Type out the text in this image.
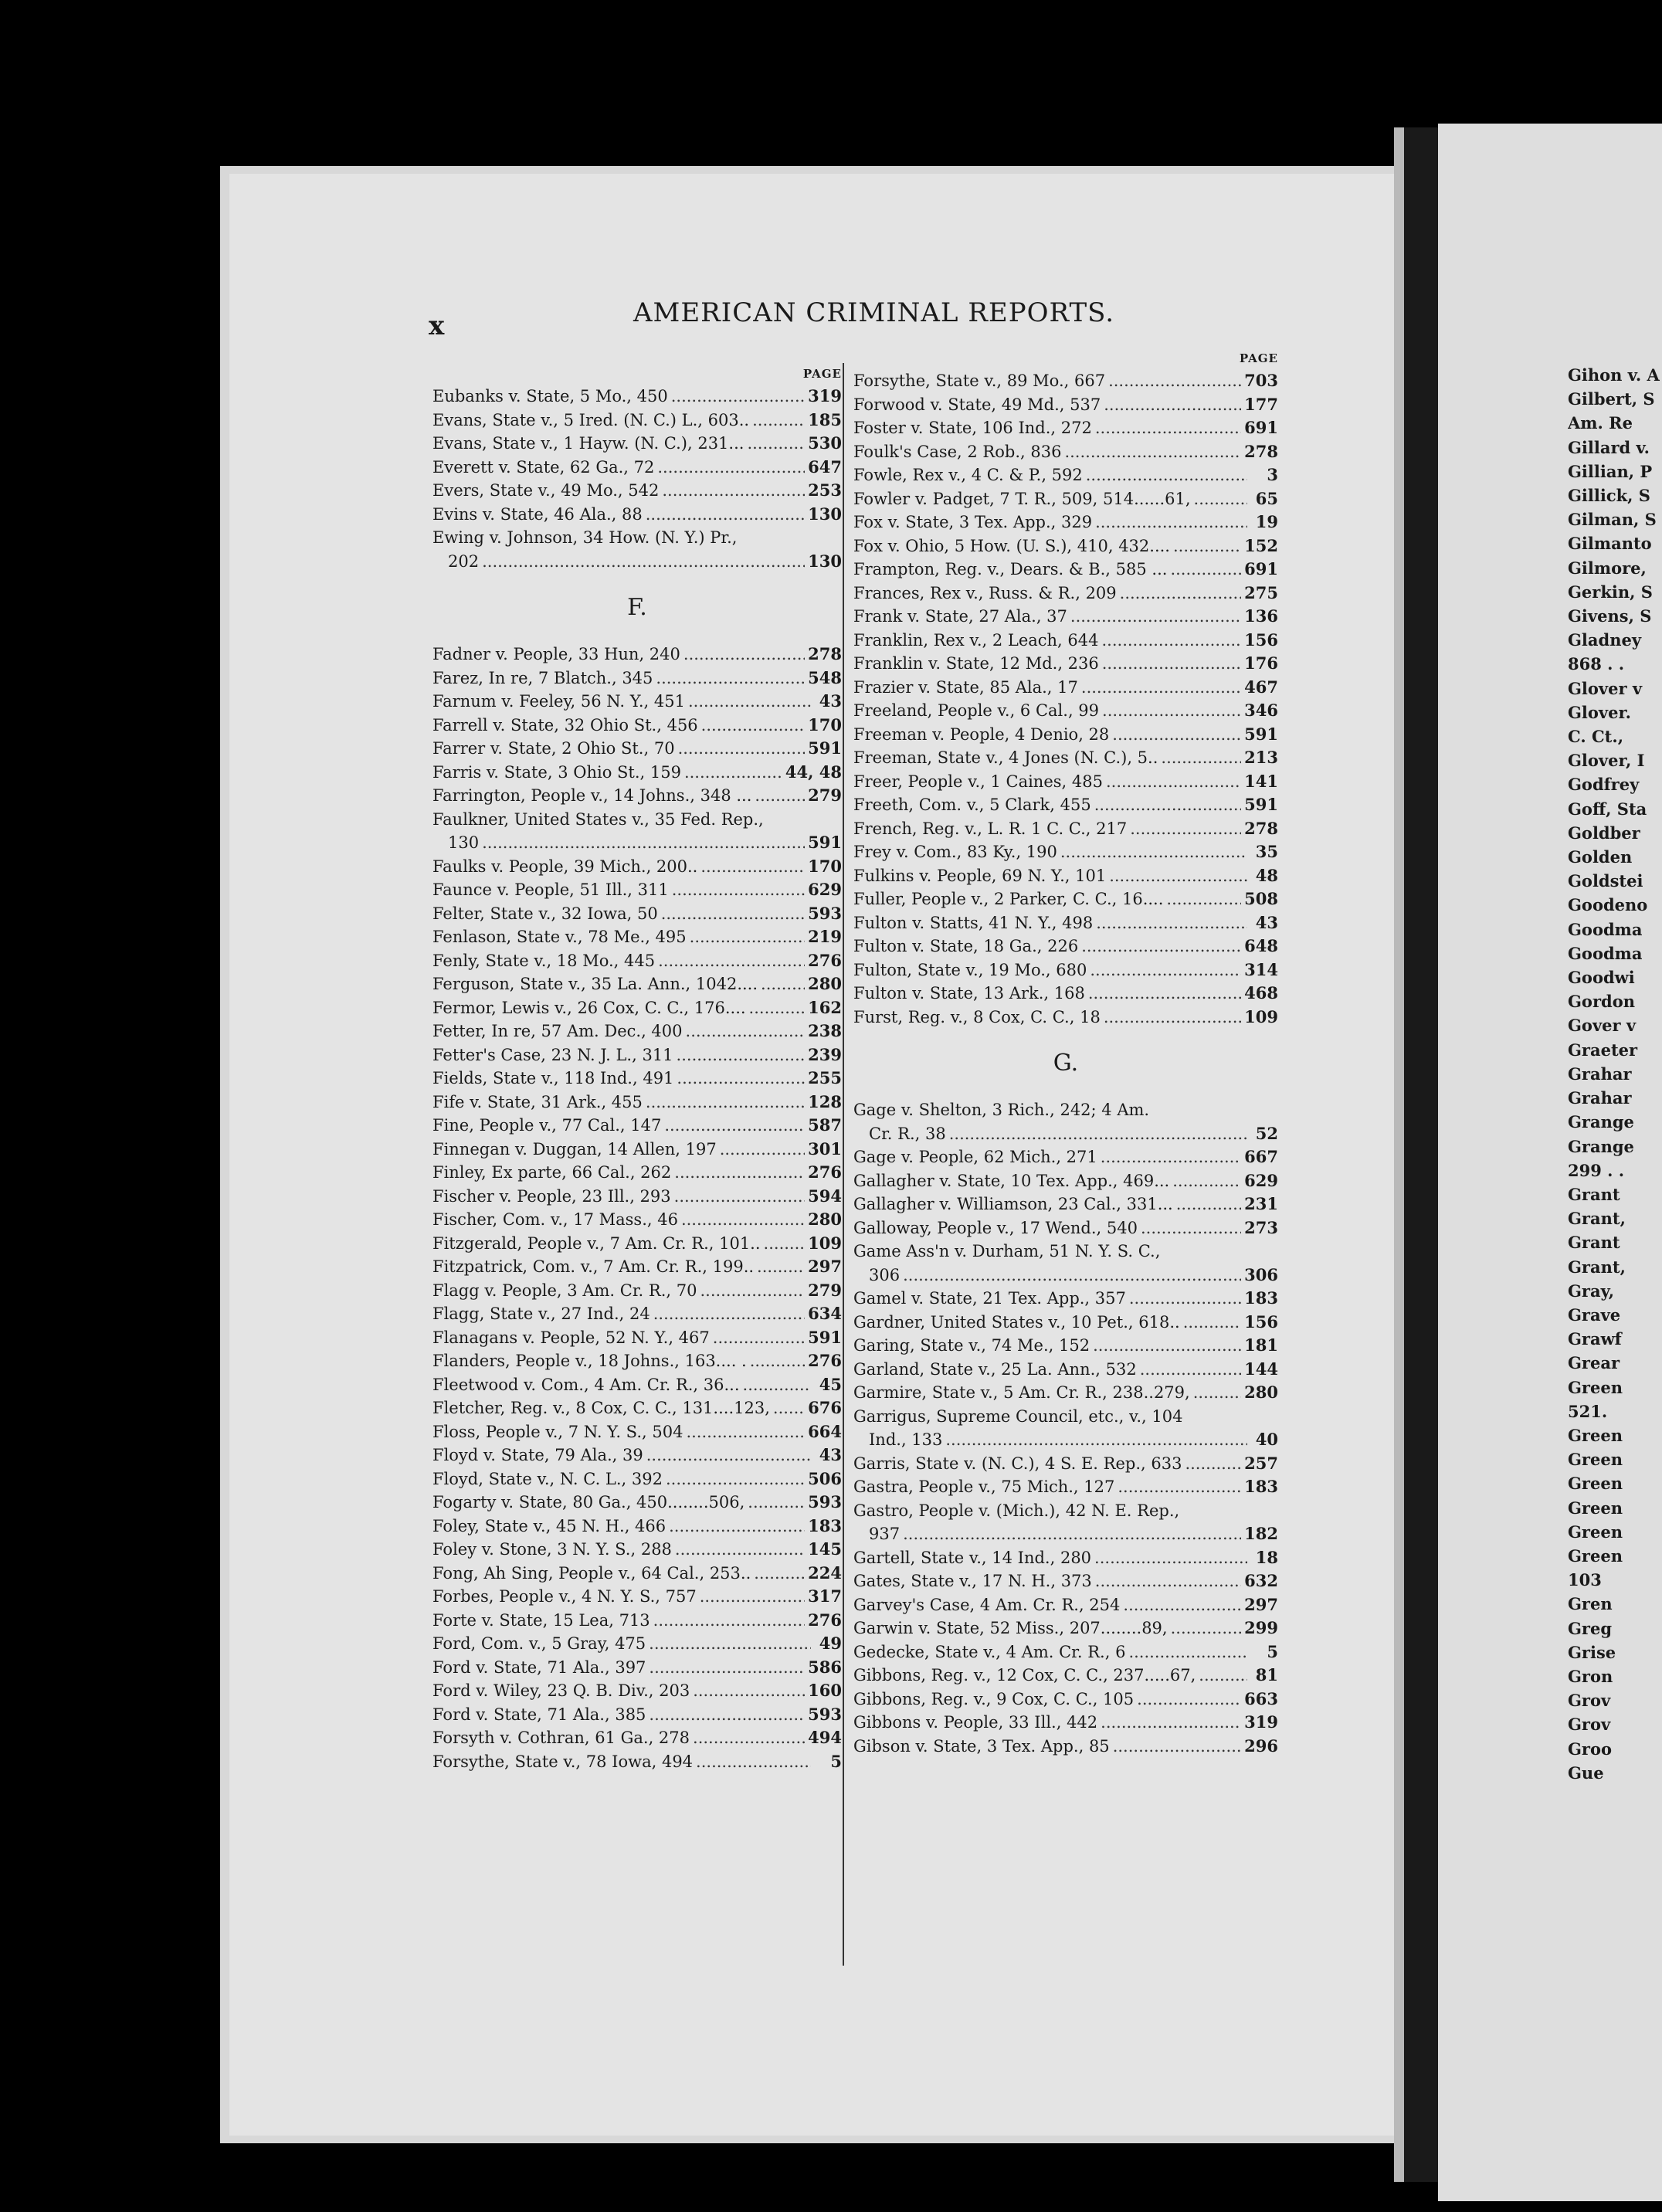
x	AMERICAN CRIMINAL REPORTS.
PAGE
Eubanks v. State, 5 Mo., 450 .....	319
Evans, State v., 5 Ired. (N. C.) L., 603.. .....	185
Evans, State v., 1 Hayw. (N. C.), 231... .....	530
Everett v. State, 62 Ga., 72 .....	647
Evers, State v., 49 Mo., 542 .....	253
Evins v. State, 46 Ala., 88 .....	130
Ewing v. Johnson, 34 How. (N. Y.) Pr.,
202 .....	130
F.
Fadner v. People, 33 Hun, 240 .....	278
Farez, In re, 7 Blatch., 345 .....	548
Farnum v. Feeley, 56 N. Y., 451 .....	43
Farrell v. State, 32 Ohio St., 456 .....	170
Farrer v. State, 2 Ohio St., 70 .....	591
Farris v. State, 3 Ohio St., 159 .....	44, 48
Farrington, People v., 14 Johns., 348 ... .....	279
Faulkner, United States v., 35 Fed. Rep.,
130 .....	591
Faulks v. People, 39 Mich., 200.. .....	170
Faunce v. People, 51 Ill., 311 .....	629
Felter, State v., 32 Iowa, 50 .....	593
Fenlason, State v., 78 Me., 495 .....	219
Fenly, State v., 18 Mo., 445 .....	276
Ferguson, State v., 35 La. Ann., 1042.... .....	280
Fermor, Lewis v., 26 Cox, C. C., 176.... .....	162
Fetter, In re, 57 Am. Dec., 400 .....	238
Fetter's Case, 23 N. J. L., 311 .....	239
Fields, State v., 118 Ind., 491 .....	255
Fife v. State, 31 Ark., 455 .....	128
Fine, People v., 77 Cal., 147 .....	587
Finnegan v. Duggan, 14 Allen, 197 .....	301
Finley, Ex parte, 66 Cal., 262 .....	276
Fischer v. People, 23 Ill., 293 .....	594
Fischer, Com. v., 17 Mass., 46 .....	280
Fitzgerald, People v., 7 Am. Cr. R., 101.. .....	109
Fitzpatrick, Com. v., 7 Am. Cr. R., 199.. .....	297
Flagg v. People, 3 Am. Cr. R., 70 .....	279
Flagg, State v., 27 Ind., 24 .....	634
Flanagans v. People, 52 N. Y., 467 .....	591
Flanders, People v., 18 Johns., 163.... . .....	276
Fleetwood v. Com., 4 Am. Cr. R., 36... .....	45
Fletcher, Reg. v., 8 Cox, C. C., 131....123, ..... 676
Floss, People v., 7 N. Y. S., 504 .....	664
Floyd v. State, 79 Ala., 39 .....	43
Floyd, State v., N. C. L., 392 .....	506
Fogarty v. State, 80 Ga., 450........506, .....	593
Foley, State v., 45 N. H., 466 .....	183
Foley v. Stone, 3 N. Y. S., 288 .....	145
Fong, Ah Sing, People v., 64 Cal., 253.. .....	224
Forbes, People v., 4 N. Y. S., 757 .....	317
Forte v. State, 15 Lea, 713 .....	276
Ford, Com. v., 5 Gray, 475 .....	49
Ford v. State, 71 Ala., 397 .....	586
Ford v. Wiley, 23 Q. B. Div., 203 .....	160
Ford v. State, 71 Ala., 385 .....	593
Forsyth v. Cothran, 61 Ga., 278 .....	494
Forsythe, State v., 78 Iowa, 494 .....	5
PAGE
Forsythe, State v., 89 Mo., 667 .....	703
Forwood v. State, 49 Md., 537 .....	177
Foster v. State, 106 Ind., 272 .....	691
Foulk's Case, 2 Rob., 836 .....	278
Fowle, Rex v., 4 C. & P., 592 .....	3
Fowler v. Padget, 7 T. R., 509, 514......61, .....	65
Fox v. State, 3 Tex. App., 329 .....	19
Fox v. Ohio, 5 How. (U. S.), 410, 432.... .....	152
Frampton, Reg. v., Dears. & B., 585 ... .....	691
Frances, Rex v., Russ. & R., 209 .....	275
Frank v. State, 27 Ala., 37 .....	136
Franklin, Rex v., 2 Leach, 644 .....	156
Franklin v. State, 12 Md., 236 .....	176
Frazier v. State, 85 Ala., 17 .....	467
Freeland, People v., 6 Cal., 99 .....	346
Freeman v. People, 4 Denio, 28 .....	591
Freeman, State v., 4 Jones (N. C.), 5.. .....	213
Freer, People v., 1 Caines, 485 .....	141
Freeth, Com. v., 5 Clark, 455 .....	591
French, Reg. v., L. R. 1 C. C., 217 .....	278
Frey v. Com., 83 Ky., 190 .....	35
Fulkins v. People, 69 N. Y., 101 .....	48
Fuller, People v., 2 Parker, C. C., 16.... .....	508
Fulton v. Statts, 41 N. Y., 498 .....	43
Fulton v. State, 18 Ga., 226 .....	648
Fulton, State v., 19 Mo., 680 .....	314
Fulton v. State, 13 Ark., 168 .....	468
Furst, Reg. v., 8 Cox, C. C., 18 .....	109
G.
Gage v. Shelton, 3 Rich., 242; 4 Am.
Cr. R., 38 .....	52
Gage v. People, 62 Mich., 271 .....	667
Gallagher v. State, 10 Tex. App., 469... .....	629
Gallagher v. Williamson, 23 Cal., 331... .....	231
Galloway, People v., 17 Wend., 540 .....	273
Game Ass'n v. Durham, 51 N. Y. S. C.,
306 .....	306
Gamel v. State, 21 Tex. App., 357 .....	183
Gardner, United States v., 10 Pet., 618.. .....	156
Garing, State v., 74 Me., 152 .....	181
Garland, State v., 25 La. Ann., 532 .....	144
Garmire, State v., 5 Am. Cr. R., 238..279, .....	280
Garrigus, Supreme Council, etc., v., 104
Ind., 133 .....	40
Garris, State v. (N. C.), 4 S. E. Rep., 633 .....	257
Gastra, People v., 75 Mich., 127 .....	183
Gastro, People v. (Mich.), 42 N. E. Rep.,
937 .....	182
Gartell, State v., 14 Ind., 280 .....	18
Gates, State v., 17 N. H., 373 .....	632
Garvey's Case, 4 Am. Cr. R., 254 .....	297
Garwin v. State, 52 Miss., 207........89, .....	299
Gedecke, State v., 4 Am. Cr. R., 6 .....	5
Gibbons, Reg. v., 12 Cox, C. C., 237.....67, .....	81
Gibbons, Reg. v., 9 Cox, C. C., 105 .....	663
Gibbons v. People, 33 Ill., 442 .....	319
Gibson v. State, 3 Tex. App., 85 .....	296
Gihon v. A
Gilbert, S
Am. Re
Gillard v.
Gillian, P
Gillick, S
Gilman, S
Gilmanto
Gilmore,
Gerkin, S
Givens, S
Gladney
868 . .
Glover v
Glover.
C. Ct.,
Glover, I
Godfrey
Goff, Sta
Goldber
Golden
Goldstei
Goodeno
Goodma
Goodma
Goodwi
Gordon
Gover v
Graeter
Grahar
Grahar
Grange
Grange
299 . .
Grant
Grant,
Grant
Grant,
Gray,
Grave
Grawf
Grear
Green
521.
Green
Green
Green
Green
Green
Green
103
Gren
Greg
Grise
Gron
Grov
Grov
Groo
Gue
